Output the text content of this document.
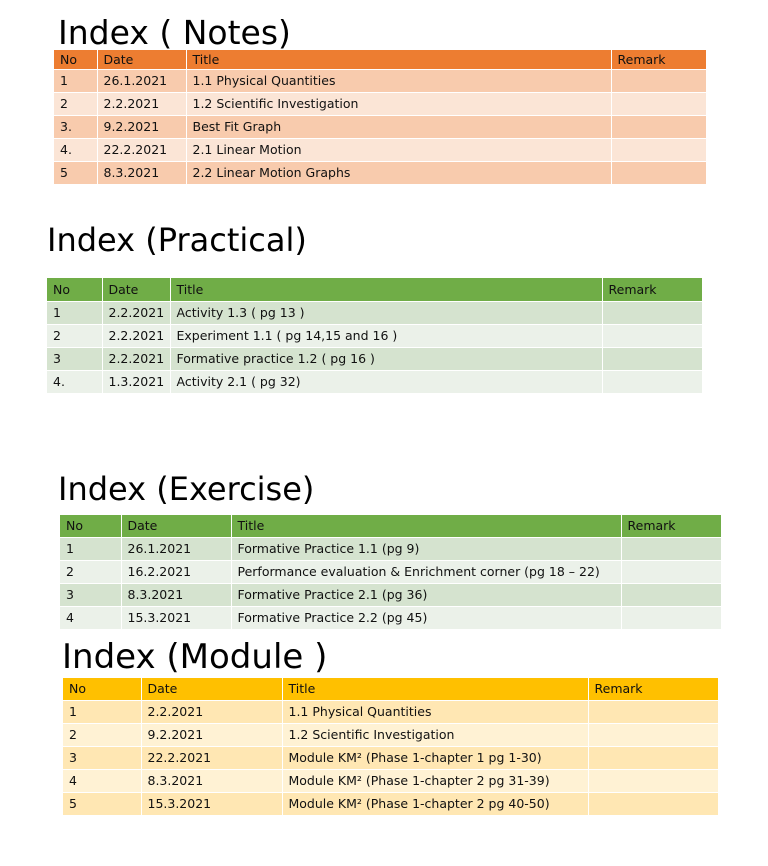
Index ( Notes)
No	Date	Title	Remark
1	26.1.2021	1.1 Physical Quantities	
2	2.2.2021	1.2 Scientific Investigation	
3.	9.2.2021	Best Fit Graph	
4.	22.2.2021	2.1 Linear Motion	
5	8.3.2021	2.2 Linear Motion Graphs	
Index (Practical)
No	Date	Title	Remark
1	2.2.2021	Activity 1.3 ( pg 13 )	
2	2.2.2021	Experiment 1.1 ( pg 14,15 and 16 )	
3	2.2.2021	Formative practice 1.2 ( pg 16 )	
4.	1.3.2021	Activity 2.1 ( pg 32)	
Index (Exercise)
No	Date	Title	Remark
1	26.1.2021	Formative Practice 1.1 (pg 9)	
2	16.2.2021	Performance evaluation & Enrichment corner (pg 18 – 22)	
3	8.3.2021	Formative Practice 2.1 (pg 36)	
4	15.3.2021	Formative Practice 2.2 (pg 45)	
Index (Module )
No	Date	Title	Remark
1	2.2.2021	1.1 Physical Quantities	
2	9.2.2021	1.2 Scientific Investigation	
3	22.2.2021	Module KM² (Phase 1-chapter 1 pg 1-30)	
4	8.3.2021	Module KM² (Phase 1-chapter 2 pg 31-39)	
5	15.3.2021	Module KM² (Phase 1-chapter 2 pg 40-50)	
